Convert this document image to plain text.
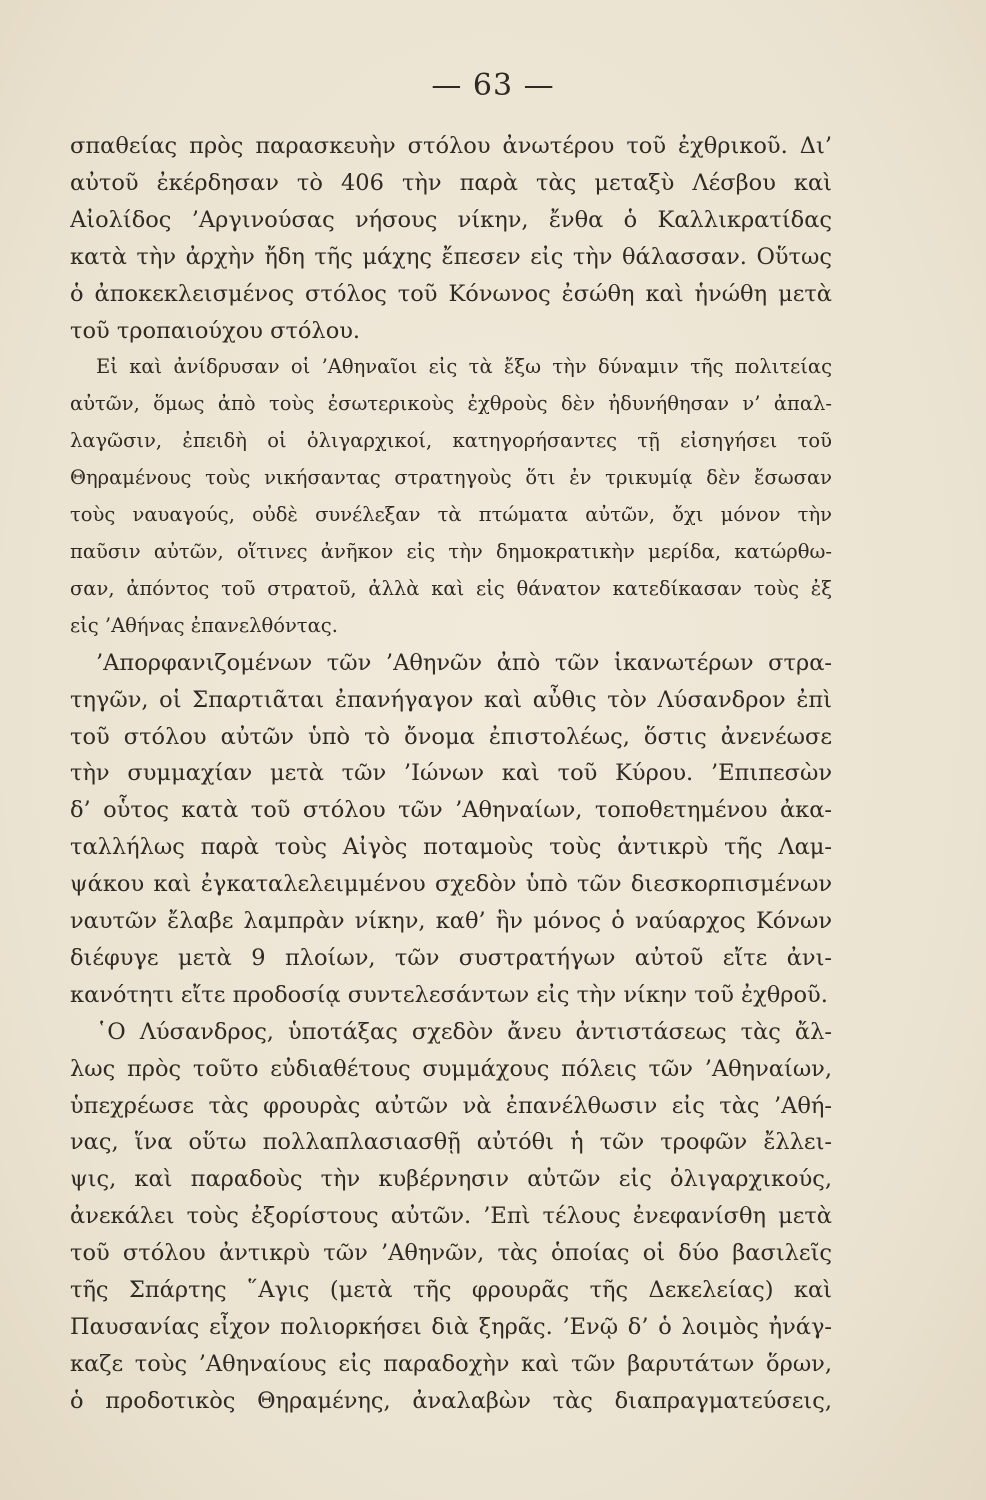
— 63 —
σπαθείας πρὸς παρασκευὴν στόλου ἀνωτέρου τοῦ ἐχθρικοῦ. Δι’
αὐτοῦ ἐκέρδησαν τὸ 406 τὴν παρὰ τὰς μεταξὺ Λέσβου καὶ
Αἰολίδος ’Αργινούσας νήσους νίκην, ἔνθα ὁ Καλλικρατίδας
κατὰ τὴν ἀρχὴν ἤδη τῆς μάχης ἔπεσεν εἰς τὴν θάλασσαν. Οὕτως
ὁ ἀποκεκλεισμένος στόλος τοῦ Κόνωνος ἐσώθη καὶ ἡνώθη μετὰ
τοῦ τροπαιούχου στόλου.
Εἰ καὶ ἀνίδρυσαν οἱ ’Αθηναῖοι εἰς τὰ ἔξω τὴν δύναμιν τῆς πολιτείας
αὐτῶν, ὅμως ἀπὸ τοὺς ἐσωτερικοὺς ἐχθροὺς δὲν ἠδυνήθησαν ν’ ἀπαλ-
λαγῶσιν, ἐπειδὴ οἱ ὀλιγαρχικοί, κατηγορήσαντες τῇ εἰσηγήσει τοῦ
Θηραμένους τοὺς νικήσαντας στρατηγοὺς ὅτι ἐν τρικυμίᾳ δὲν ἔσωσαν
τοὺς ναυαγούς, οὐδὲ συνέλεξαν τὰ πτώματα αὐτῶν, ὄχι μόνον τὴν
παῦσιν αὐτῶν, οἵτινες ἀνῆκον εἰς τὴν δημοκρατικὴν μερίδα, κατώρθω-
σαν, ἀπόντος τοῦ στρατοῦ, ἀλλὰ καὶ εἰς θάνατον κατεδίκασαν τοὺς ἐξ
εἰς ’Αθήνας ἐπανελθόντας.
’Απορφανιζομένων τῶν ’Αθηνῶν ἀπὸ τῶν ἱκανωτέρων στρα-
τηγῶν, οἱ Σπαρτιᾶται ἐπανήγαγον καὶ αὖθις τὸν Λύσανδρον ἐπὶ
τοῦ στόλου αὐτῶν ὑπὸ τὸ ὄνομα ἐπιστολέως, ὅστις ἀνενέωσε
τὴν συμμαχίαν μετὰ τῶν ’Ιώνων καὶ τοῦ Κύρου. ’Επιπεσὼν
δ’ οὗτος κατὰ τοῦ στόλου τῶν ’Αθηναίων, τοποθετημένου ἀκα-
ταλλήλως παρὰ τοὺς Αἰγὸς ποταμοὺς τοὺς ἀντικρὺ τῆς Λαμ-
ψάκου καὶ ἐγκαταλελειμμένου σχεδὸν ὑπὸ τῶν διεσκορπισμένων
ναυτῶν ἔλαβε λαμπρὰν νίκην, καθ’ ἣν μόνος ὁ ναύαρχος Κόνων
διέφυγε μετὰ 9 πλοίων, τῶν συστρατήγων αὐτοῦ εἴτε ἀνι-
κανότητι εἴτε προδοσίᾳ συντελεσάντων εἰς τὴν νίκην τοῦ ἐχθροῦ.
῾Ο Λύσανδρος, ὑποτάξας σχεδὸν ἄνευ ἀντιστάσεως τὰς ἄλ-
λως πρὸς τοῦτο εὐδιαθέτους συμμάχους πόλεις τῶν ’Αθηναίων,
ὑπεχρέωσε τὰς φρουρὰς αὐτῶν νὰ ἐπανέλθωσιν εἰς τὰς ’Αθή-
νας, ἵνα οὕτω πολλαπλασιασθῇ αὐτόθι ἡ τῶν τροφῶν ἔλλει-
ψις, καὶ παραδοὺς τὴν κυβέρνησιν αὐτῶν εἰς ὀλιγαρχικούς,
ἀνεκάλει τοὺς ἐξορίστους αὐτῶν. ’Επὶ τέλους ἐνεφανίσθη μετὰ
τοῦ στόλου ἀντικρὺ τῶν ’Αθηνῶν, τὰς ὁποίας οἱ δύο βασιλεῖς
τῆς Σπάρτης ῞Αγις (μετὰ τῆς φρουρᾶς τῆς Δεκελείας) καὶ
Παυσανίας εἶχον πολιορκήσει διὰ ξηρᾶς. ’Ενῷ δ’ ὁ λοιμὸς ἠνάγ-
καζε τοὺς ’Αθηναίους εἰς παραδοχὴν καὶ τῶν βαρυτάτων ὅρων,
ὁ προδοτικὸς Θηραμένης, ἀναλαβὼν τὰς διαπραγματεύσεις,
